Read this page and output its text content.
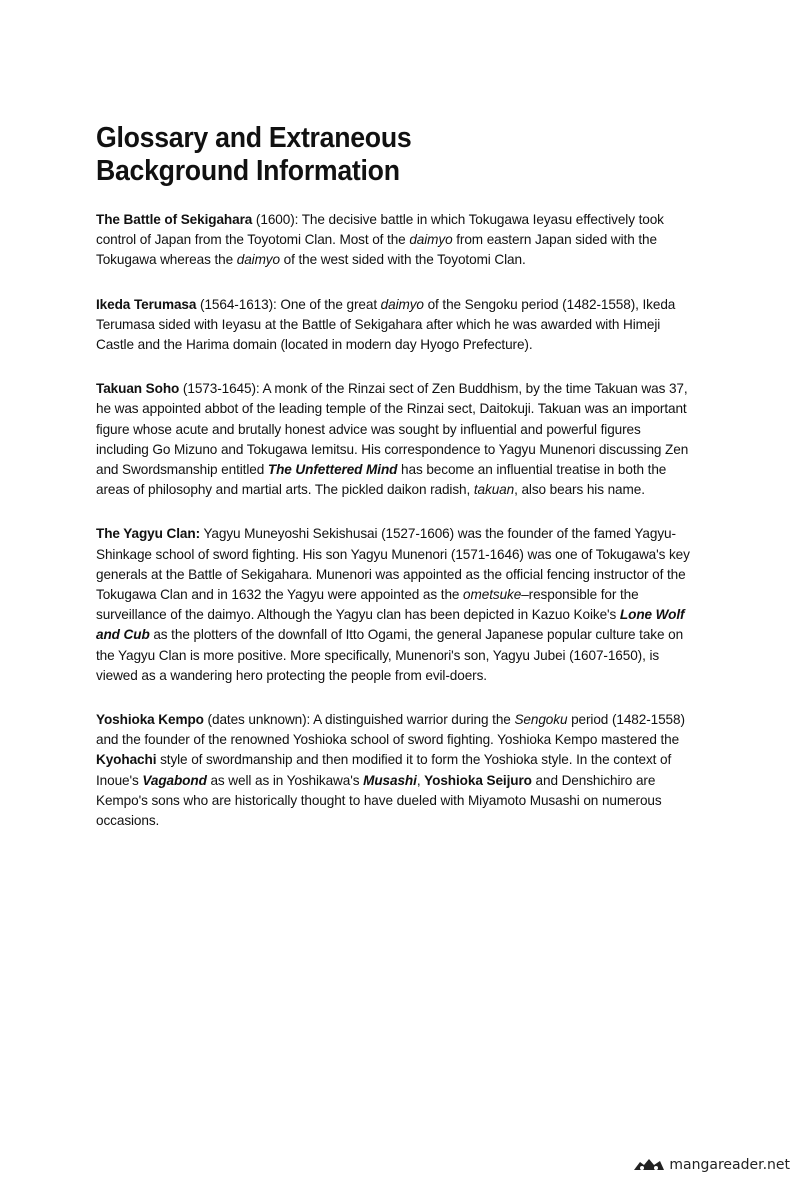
Glossary and Extraneous Background Information

The Battle of Sekigahara (1600): The decisive battle in which Tokugawa Ieyasu effectively took control of Japan from the Toyotomi Clan. Most of the daimyo from eastern Japan sided with the Tokugawa whereas the daimyo of the west sided with the Toyotomi Clan.

Ikeda Terumasa (1564-1613): One of the great daimyo of the Sengoku period (1482-1558), Ikeda Terumasa sided with Ieyasu at the Battle of Sekigahara after which he was awarded with Himeji Castle and the Harima domain (located in modern day Hyogo Prefecture).

Takuan Soho (1573-1645): A monk of the Rinzai sect of Zen Buddhism, by the time Takuan was 37, he was appointed abbot of the leading temple of the Rinzai sect, Daitokuji. Takuan was an important figure whose acute and brutally honest advice was sought by influential and powerful figures including Go Mizuno and Tokugawa Iemitsu. His correspondence to Yagyu Munenori discussing Zen and Swordsmanship entitled The Unfettered Mind has become an influential treatise in both the areas of philosophy and martial arts. The pickled daikon radish, takuan, also bears his name.

The Yagyu Clan: Yagyu Muneyoshi Sekishusai (1527-1606) was the founder of the famed Yagyu-Shinkage school of sword fighting. His son Yagyu Munenori (1571-1646) was one of Tokugawa's key generals at the Battle of Sekigahara. Munenori was appointed as the official fencing instructor of the Tokugawa Clan and in 1632 the Yagyu were appointed as the ometsuke–responsible for the surveillance of the daimyo. Although the Yagyu clan has been depicted in Kazuo Koike's Lone Wolf and Cub as the plotters of the downfall of Itto Ogami, the general Japanese popular culture take on the Yagyu Clan is more positive. More specifically, Munenori's son, Yagyu Jubei (1607-1650), is viewed as a wandering hero protecting the people from evil-doers.

Yoshioka Kempo (dates unknown): A distinguished warrior during the Sengoku period (1482-1558) and the founder of the renowned Yoshioka school of sword fighting. Yoshioka Kempo mastered the Kyohachi style of swordmanship and then modified it to form the Yoshioka style. In the context of Inoue's Vagabond as well as in Yoshikawa's Musashi, Yoshioka Seijuro and Denshichiro are Kempo's sons who are historically thought to have dueled with Miyamoto Musashi on numerous occasions.

mangareader.net
